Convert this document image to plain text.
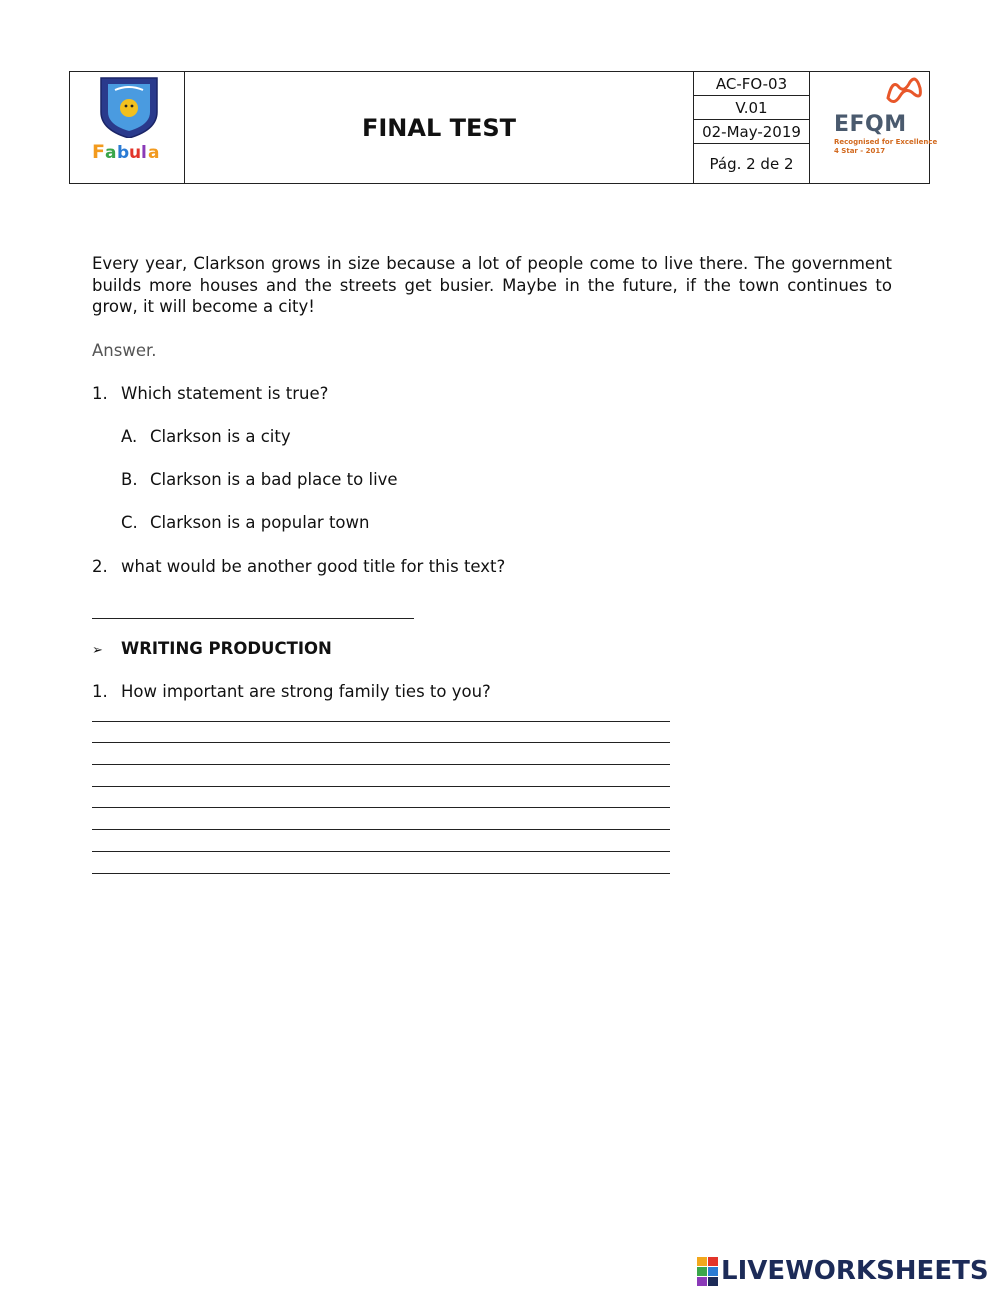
F a b u l a
FINAL TEST
AC-FO-03
V.01
02-May-2019
Pág. 2 de 2
EFQM
Recognised for Excellence
4 Star - 2017
Every year, Clarkson grows in size because a lot of people come to live there. The government builds more houses and the streets get busier. Maybe in the future, if the town continues to grow, it will become a city!
Answer.
1. Which statement is true?
A. Clarkson is a city
B. Clarkson is a bad place to live
C. Clarkson is a popular town
2. what would be another good title for this text?
➢ WRITING PRODUCTION
1. How important are strong family ties to you?
LIVEWORKSHEETS
